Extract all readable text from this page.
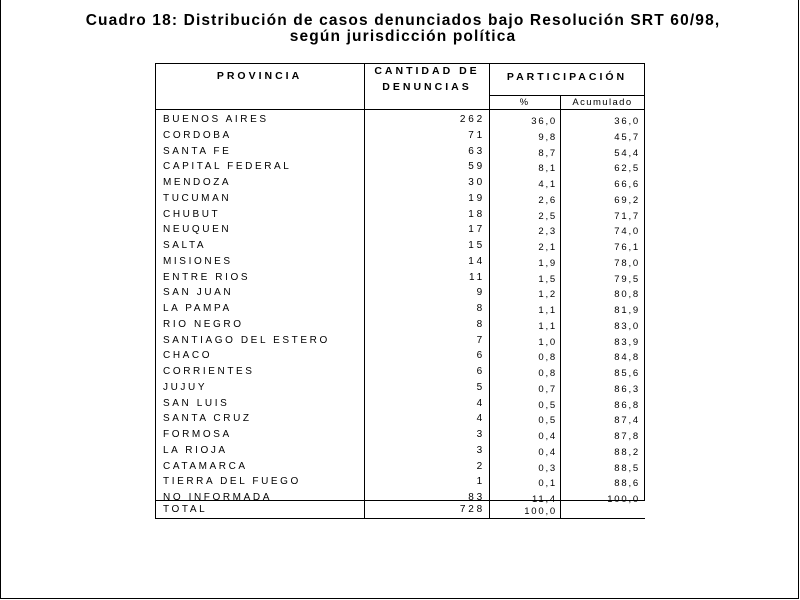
Cuadro 18: Distribución de casos denunciados bajo Resolución SRT 60/98,
según jurisdicción política
PROVINCIA	CANTIDAD DE
DENUNCIAS
PARTICIPACIÓN
%	Acumulado
BUENOS AIRES	262	36,0	36,0
CORDOBA	71	9,8	45,7
SANTA FE	63	8,7	54,4
CAPITAL FEDERAL	59	8,1	62,5
MENDOZA	30	4,1	66,6
TUCUMAN	19	2,6	69,2
CHUBUT	18	2,5	71,7
NEUQUEN	17	2,3	74,0
SALTA	15	2,1	76,1
MISIONES	14	1,9	78,0
ENTRE RIOS	11	1,5	79,5
SAN JUAN	9	1,2	80,8
LA PAMPA	8	1,1	81,9
RIO NEGRO	8	1,1	83,0
SANTIAGO DEL ESTERO	7	1,0	83,9
CHACO	6	0,8	84,8
CORRIENTES	6	0,8	85,6
JUJUY	5	0,7	86,3
SAN LUIS	4	0,5	86,8
SANTA CRUZ	4	0,5	87,4
FORMOSA	3	0,4	87,8
LA RIOJA	3	0,4	88,2
CATAMARCA	2	0,3	88,5
TIERRA DEL FUEGO	1	0,1	88,6
NO INFORMADA	83	11,4	100,0
TOTAL	728	100,0
